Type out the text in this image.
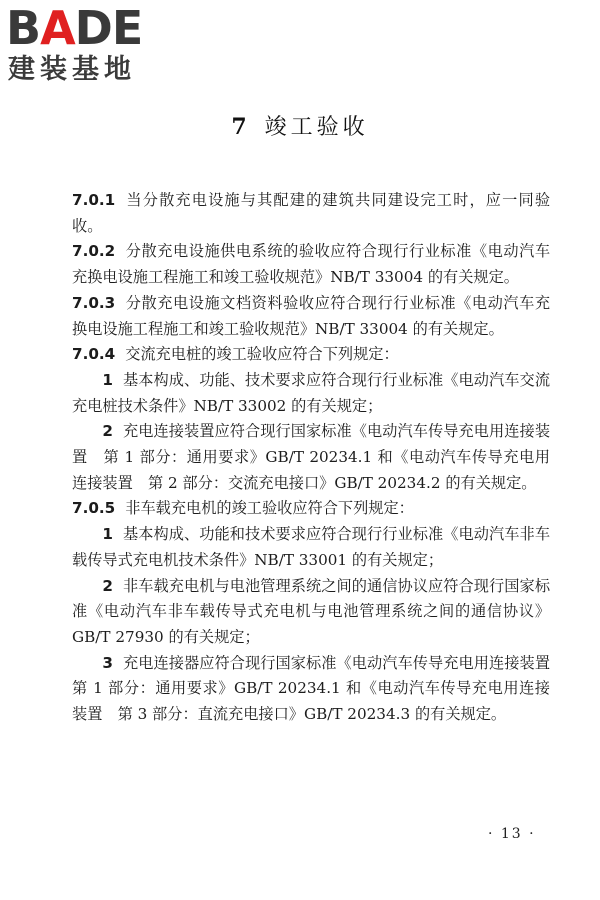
BADE
建装基地
7 竣工验收

7.0.1 当分散充电设施与其配建的建筑共同建设完工时，应一同验收。

7.0.2 分散充电设施供电系统的验收应符合现行行业标准《电动汽车充换电设施工程施工和竣工验收规范》NB/T 33004 的有关规定。

7.0.3 分散充电设施文档资料验收应符合现行行业标准《电动汽车充换电设施工程施工和竣工验收规范》NB/T 33004 的有关规定。

7.0.4 交流充电桩的竣工验收应符合下列规定：

1 基本构成、功能、技术要求应符合现行行业标准《电动汽车交流充电桩技术条件》NB/T 33002 的有关规定；

2 充电连接装置应符合现行国家标准《电动汽车传导充电用连接装置　第 1 部分：通用要求》GB/T 20234.1 和《电动汽车传导充电用连接装置　第 2 部分：交流充电接口》GB/T 20234.2 的有关规定。

7.0.5 非车载充电机的竣工验收应符合下列规定：

1 基本构成、功能和技术要求应符合现行行业标准《电动汽车非车载传导式充电机技术条件》NB/T 33001 的有关规定；

2 非车载充电机与电池管理系统之间的通信协议应符合现行国家标准《电动汽车非车载传导式充电机与电池管理系统之间的通信协议》GB/T 27930 的有关规定；

3 充电连接器应符合现行国家标准《电动汽车传导充电用连接装置　第 1 部分：通用要求》GB/T 20234.1 和《电动汽车传导充电用连接装置　第 3 部分：直流充电接口》GB/T 20234.3 的有关规定。

· 13 ·
